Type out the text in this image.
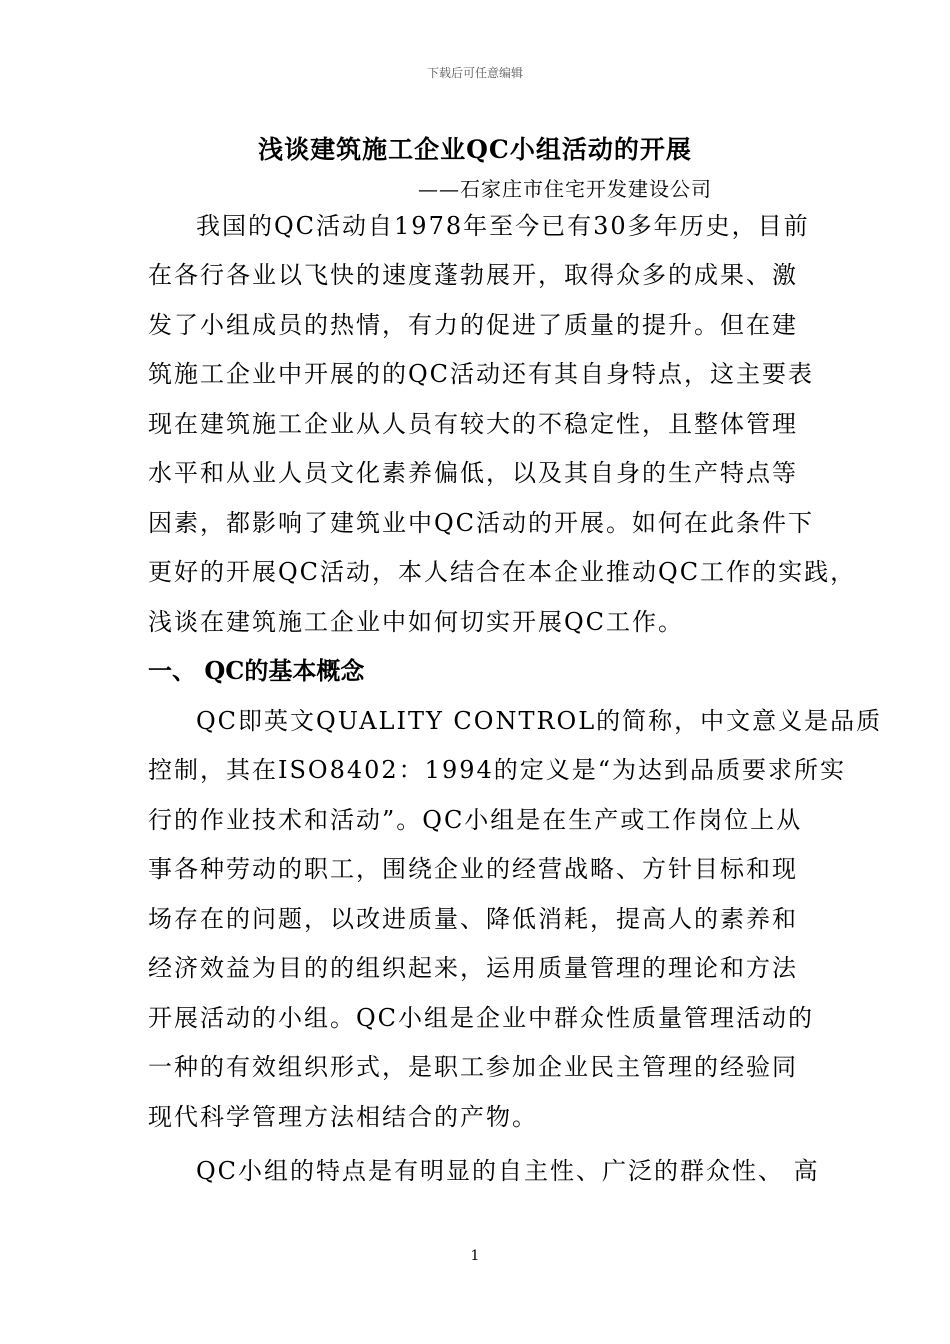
下载后可任意编辑
浅谈建筑施工企业QC小组活动的开展
——石家庄市住宅开发建设公司
我国的QC活动自1978年至今已有30多年历史，目前
在各行各业以飞快的速度蓬勃展开，取得众多的成果、激
发了小组成员的热情，有力的促进了质量的提升。但在建
筑施工企业中开展的的QC活动还有其自身特点，这主要表
现在建筑施工企业从人员有较大的不稳定性，且整体管理
水平和从业人员文化素养偏低，以及其自身的生产特点等
因素，都影响了建筑业中QC活动的开展。如何在此条件下
更好的开展QC活动，本人结合在本企业推动QC工作的实践，
浅谈在建筑施工企业中如何切实开展QC工作。
一、 QC的基本概念
QC即英文QUALITY CONTROL的简称，中文意义是品质
控制，其在ISO8402：1994的定义是“为达到品质要求所实
行的作业技术和活动”。QC小组是在生产或工作岗位上从
事各种劳动的职工，围绕企业的经营战略、方针目标和现
场存在的问题，以改进质量、降低消耗，提高人的素养和
经济效益为目的的组织起来，运用质量管理的理论和方法
开展活动的小组。QC小组是企业中群众性质量管理活动的
一种的有效组织形式，是职工参加企业民主管理的经验同
现代科学管理方法相结合的产物。
QC小组的特点是有明显的自主性、广泛的群众性、 高
1
